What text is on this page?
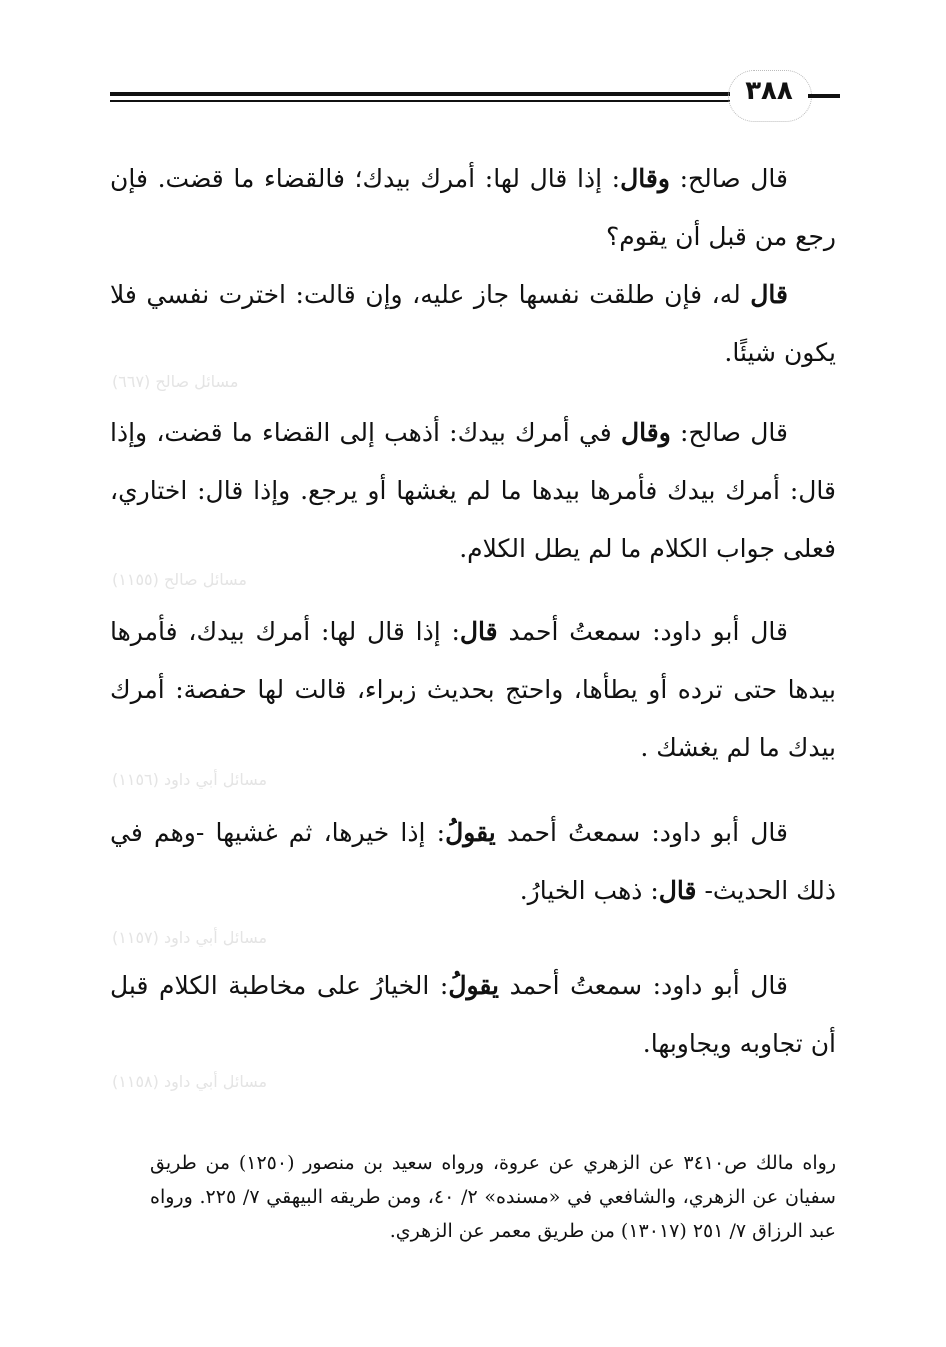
٣٨٨
قال صالح: وقال: إذا قال لها: أمرك بيدك؛ فالقضاء ما قضت. فإن رجع من قبل أن يقوم؟
قال له، فإن طلقت نفسها جاز عليه، وإن قالت: اخترت نفسي فلا يكون شيئًا.
مسائل صالح (٦٦٧)
قال صالح: وقال في أمرك بيدك: أذهب إلى القضاء ما قضت، وإذا قال: أمرك بيدك فأمرها بيدها ما لم يغشها أو يرجع. وإذا قال: اختاري، فعلى جواب الكلام ما لم يطل الكلام.
مسائل صالح (١١٥٥)
قال أبو داود: سمعتُ أحمد قال: إذا قال لها: أمرك بيدك، فأمرها بيدها حتى ترده أو يطأها، واحتج بحديث زبراء، قالت لها حفصة: أمرك بيدك ما لم يغشك .
مسائل أبي داود (١١٥٦)
قال أبو داود: سمعتُ أحمد يقولُ: إذا خيرها، ثم غشيها -وهم في ذلك الحديث- قال: ذهب الخيارُ.
مسائل أبي داود (١١٥٧)
قال أبو داود: سمعتُ أحمد يقولُ: الخيارُ على مخاطبة الكلام قبل أن تجاوبه ويجاوبها.
مسائل أبي داود (١١٥٨)
رواه مالك ص٣٤١٠ عن الزهري عن عروة، ورواه سعيد بن منصور (١٢٥٠) من طريق سفيان عن الزهري، والشافعي في «مسنده» ٢/ ٤٠، ومن طريقه البيهقي ٧/ ٢٢٥. ورواه عبد الرزاق ٧/ ٢٥١ (١٣٠١٧) من طريق معمر عن الزهري.
